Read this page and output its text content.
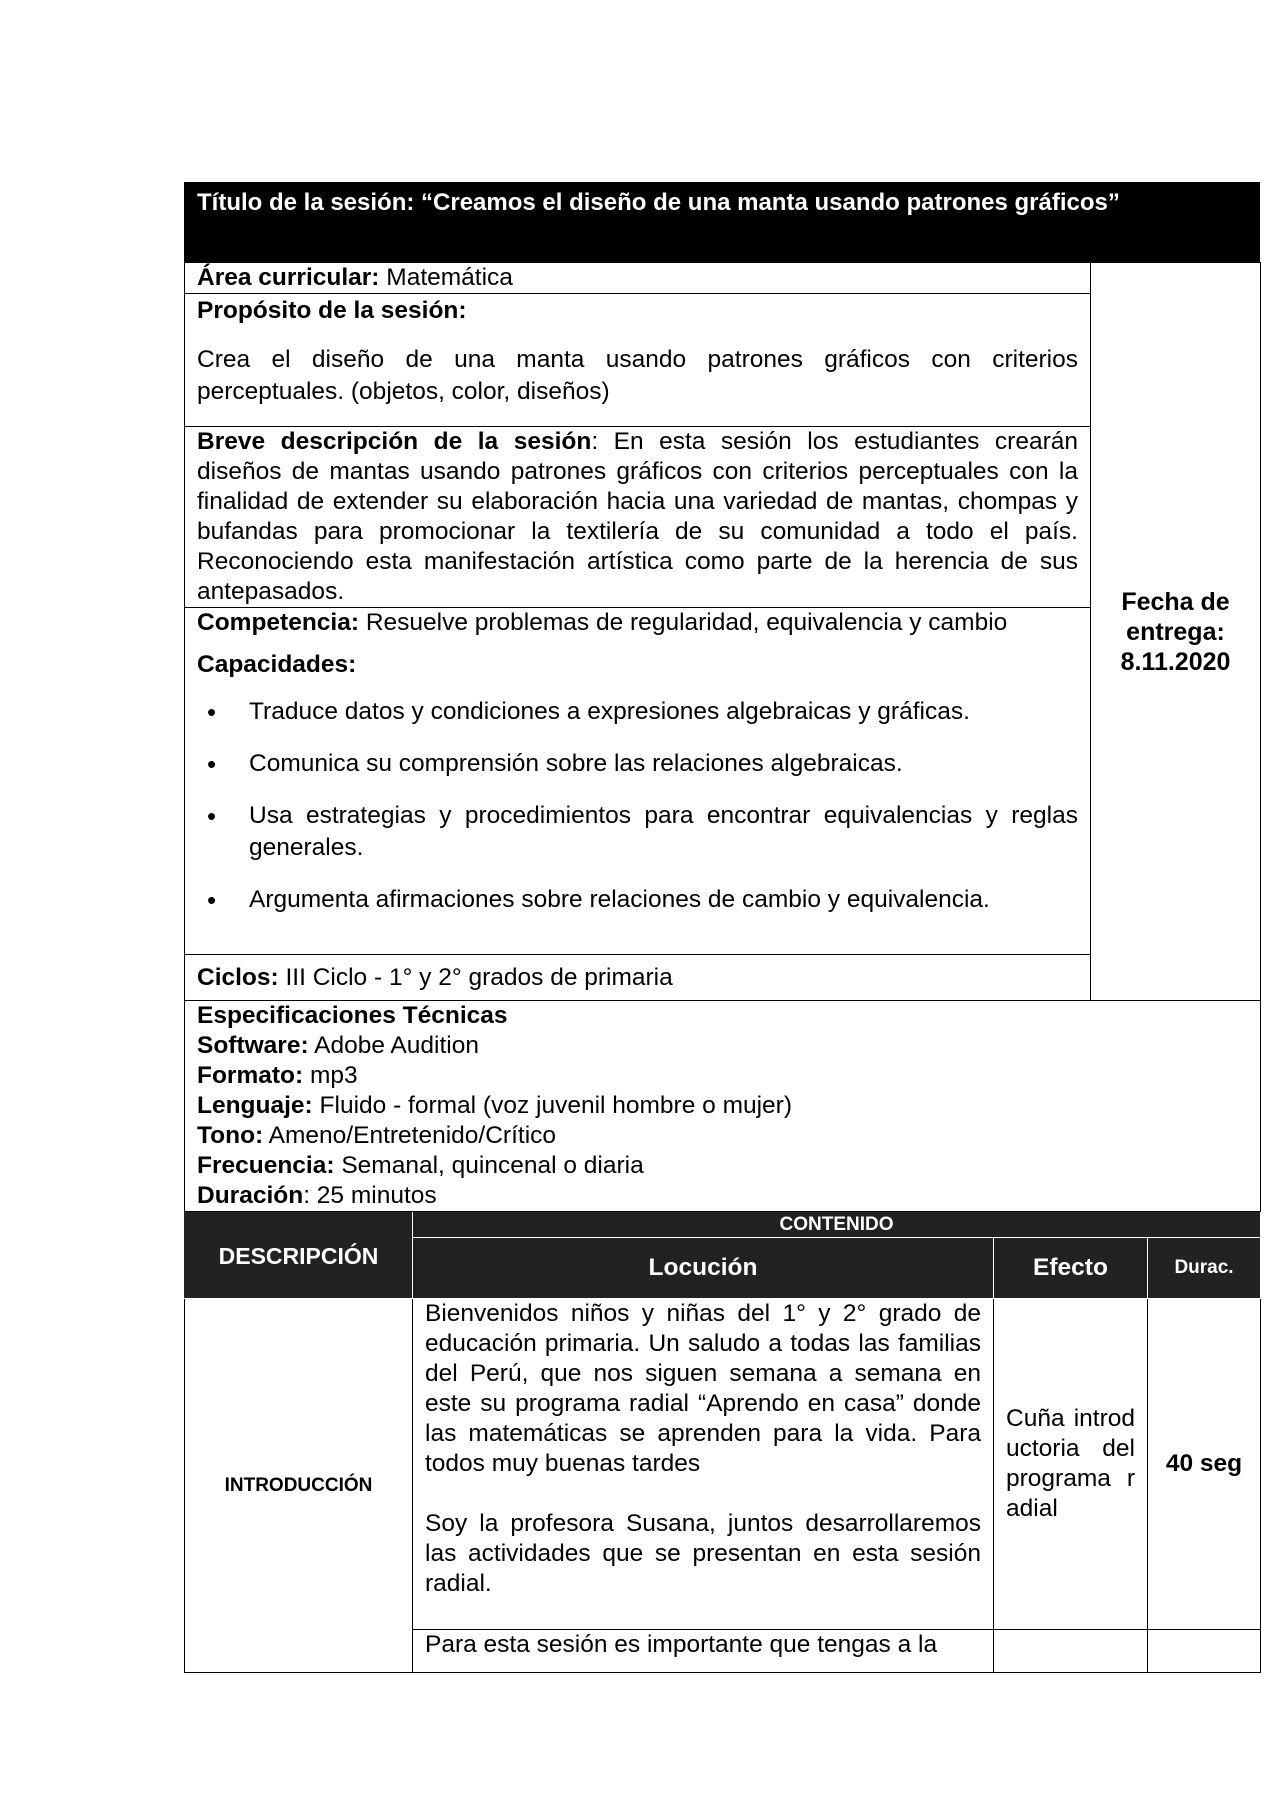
Título de la sesión: “Creamos el diseño de una manta usando patrones gráficos”
Área curricular: Matemática	
Fecha de
entrega:
8.11.2020

Propósito de la sesión:
Crea el diseño de una manta usando patrones gráficos con criterios perceptuales. (objetos, color, diseños)

Breve descripción de la sesión: En esta sesión los estudiantes crearán diseños de mantas usando patrones gráficos con criterios perceptuales con la finalidad de extender su elaboración hacia una variedad de mantas, chompas y bufandas para promocionar la textilería de su comunidad a todo el país. Reconociendo esta manifestación artística como parte de la herencia de sus antepasados.

Competencia: Resuelve problemas de regularidad, equivalencia y cambio
Capacidades:
• Traduce datos y condiciones a expresiones algebraicas y gráficas.
• Comunica su comprensión sobre las relaciones algebraicas.
• Usa estrategias y procedimientos para encontrar equivalencias y reglas generales.
• Argumenta afirmaciones sobre relaciones de cambio y equivalencia.

Ciclos: III Ciclo - 1° y 2° grados de primaria

Especificaciones Técnicas
Software: Adobe Audition
Formato: mp3
Lenguaje: Fluido - formal (voz juvenil hombre o mujer)
Tono: Ameno/Entretenido/Crítico
Frecuencia: Semanal, quincenal o diaria
Duración: 25 minutos
DESCRIPCIÓN	CONTENIDO		
	Locución	Efecto	Durac.
INTRODUCCIÓN	Bienvenidos niños y niñas del 1° y 2° grado de educación primaria. Un saludo a todas las familias del Perú, que nos siguen semana a semana en este su programa radial “Aprendo en casa” donde las matemáticas se aprenden para la vida. Para todos muy buenas tardes
Soy la profesora Susana, juntos desarrollaremos las actividades que se presentan en esta sesión radial.	Cuña introductoria del programa radial	40 seg
	Para esta sesión es importante que tengas a la		
